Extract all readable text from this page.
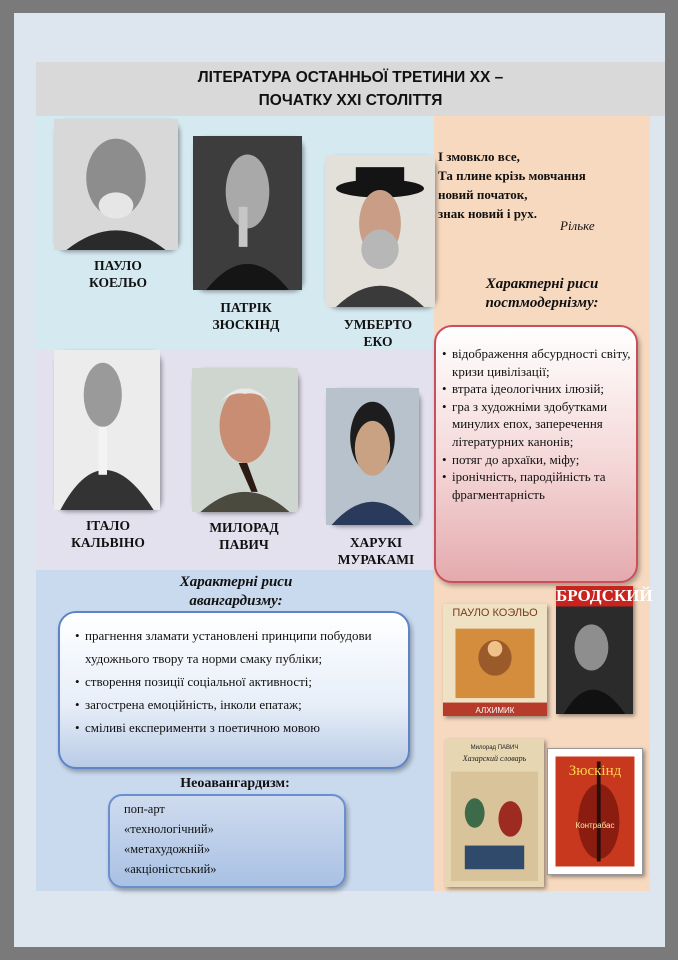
ЛІТЕРАТУРА ОСТАННЬОЇ ТРЕТИНИ ХХ –
ПОЧАТКУ ХХІ СТОЛІТТЯ
ПАУЛО
КОЕЛЬО
ПАТРІК
ЗЮСКІНД	УМБЕРТО
ЕКО
ІТАЛО
КАЛЬВІНО
МИЛОРАД
ПАВИЧ	ХАРУКІ
МУРАКАМІ
І змовкло все,
Та плине крізь мовчання
новий початок,
знак новий і рух.
Рільке
Характерні риси
постмодернізму:
• відображення абсурдності світу, кризи цивілізації;
• втрата ідеологічних ілюзій;
• гра з художніми здобутками минулих епох, заперечення літературних канонів;
• потяг до архаїки, міфу;
• іронічність, пародійність та фрагментарність
Характерні риси
авангардизму:
• прагнення зламати установлені принципи побудови художнього твору та норми смаку публіки;
• створення позиції соціальної активності;
• загострена емоційність, інколи епатаж;
• сміливі експерименти з поетичною мовою
Неоавангардизм:
поп-арт
«технологічний»
«метахудожній»
«акціоністський»
ПАУЛО КОЭЛЬО
АЛХИМИК
БРОДСКИЙ
Милорад ПАВИЧ
Хазарский словарь
Зюскінд
Контрабас
